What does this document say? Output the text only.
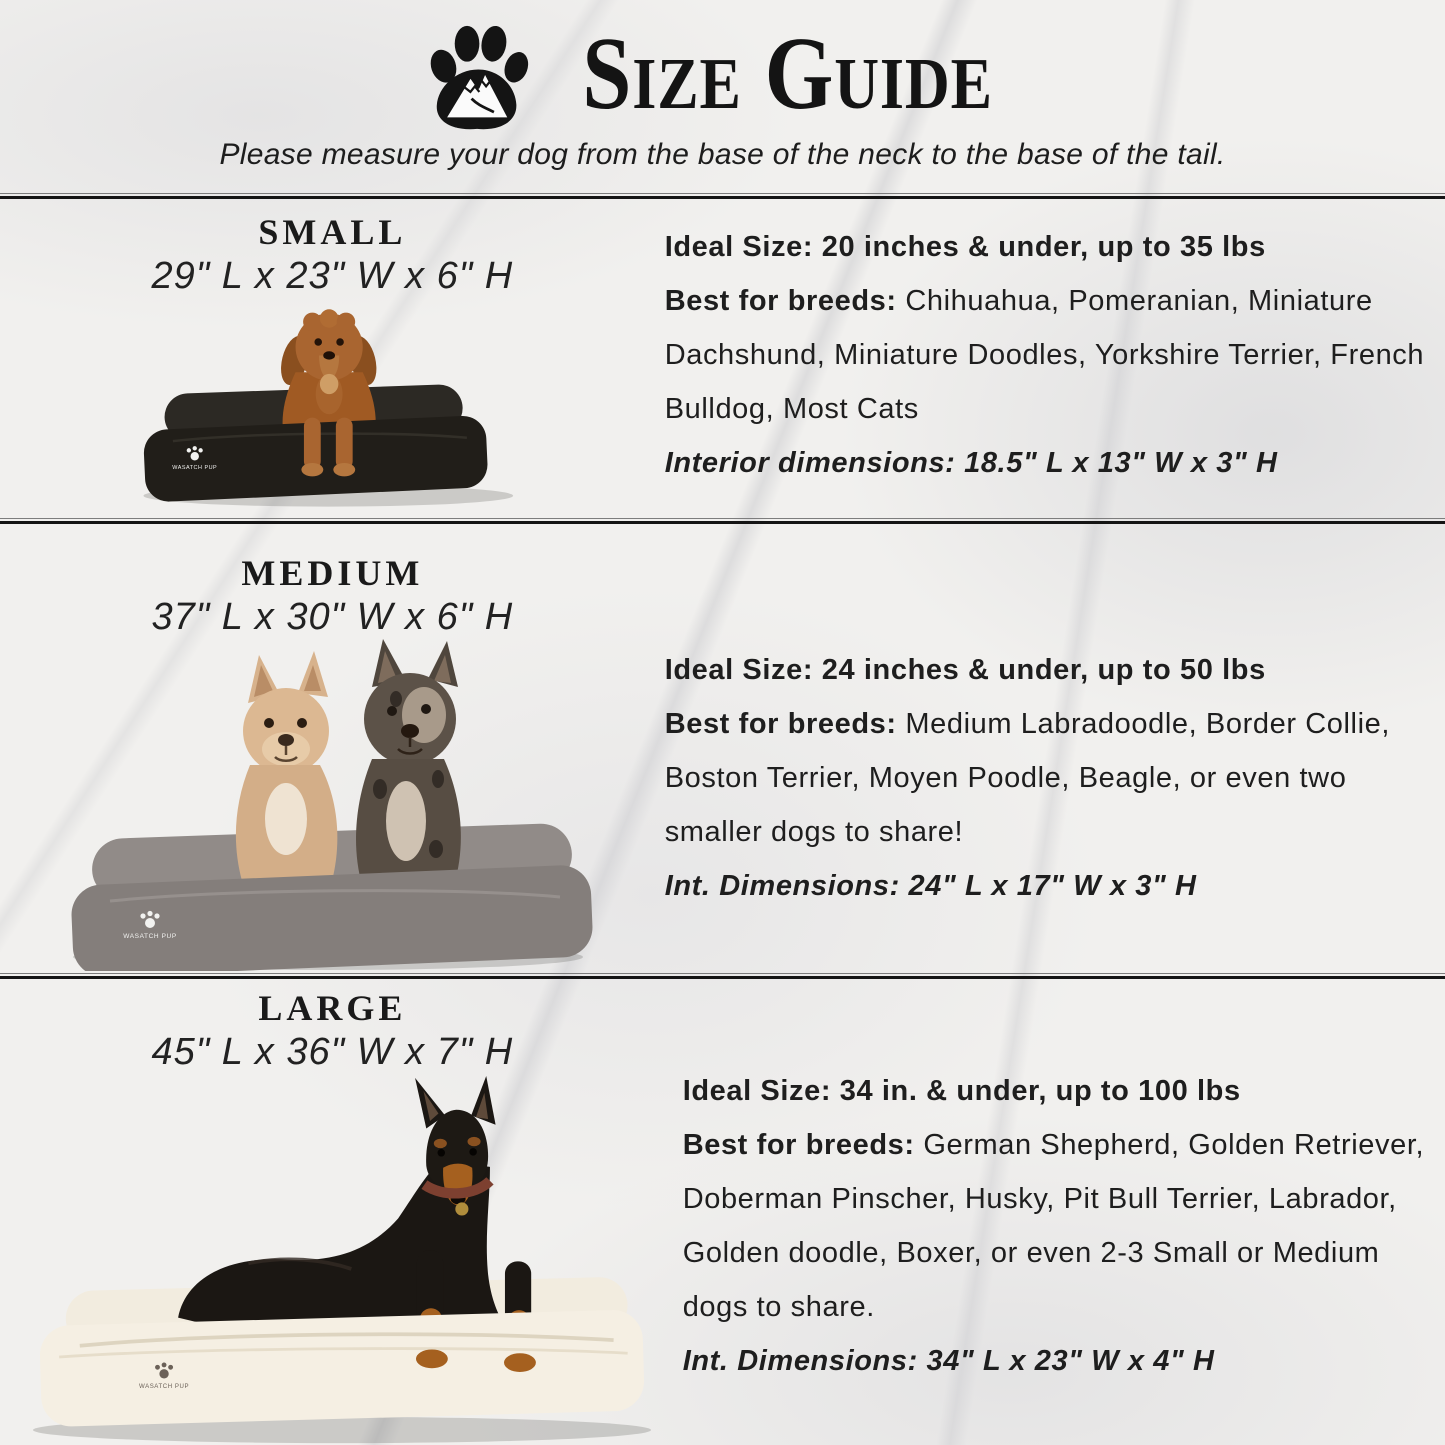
Size Guide
Please measure your dog from the base of the neck to the base of the tail.
SMALL
29" L x 23" W x 6" H
WASATCH PUP

Ideal Size: 20 inches & under, up to 35 lbs

Best for breeds: Chihuahua, Pomeranian, Miniature Dachshund, Miniature Doodles, Yorkshire Terrier, French Bulldog, Most Cats

Interior dimensions: 18.5" L x 13" W x 3" H

MEDIUM
37" L x 30" W x 6" H
WASATCH PUP

Ideal Size: 24 inches & under, up to 50 lbs

Best for breeds: Medium Labradoodle, Border Collie, Boston Terrier, Moyen Poodle, Beagle, or even two smaller dogs to share!

Int. Dimensions: 24" L x 17" W x 3" H

LARGE
45" L x 36" W x 7" H
WASATCH PUP

Ideal Size: 34 in. & under, up to 100 lbs

Best for breeds: German Shepherd, Golden Retriever, Doberman Pinscher, Husky, Pit Bull Terrier, Labrador, Golden doodle, Boxer, or even 2-3 Small or Medium dogs to share.

Int. Dimensions: 34" L x 23" W x 4" H
